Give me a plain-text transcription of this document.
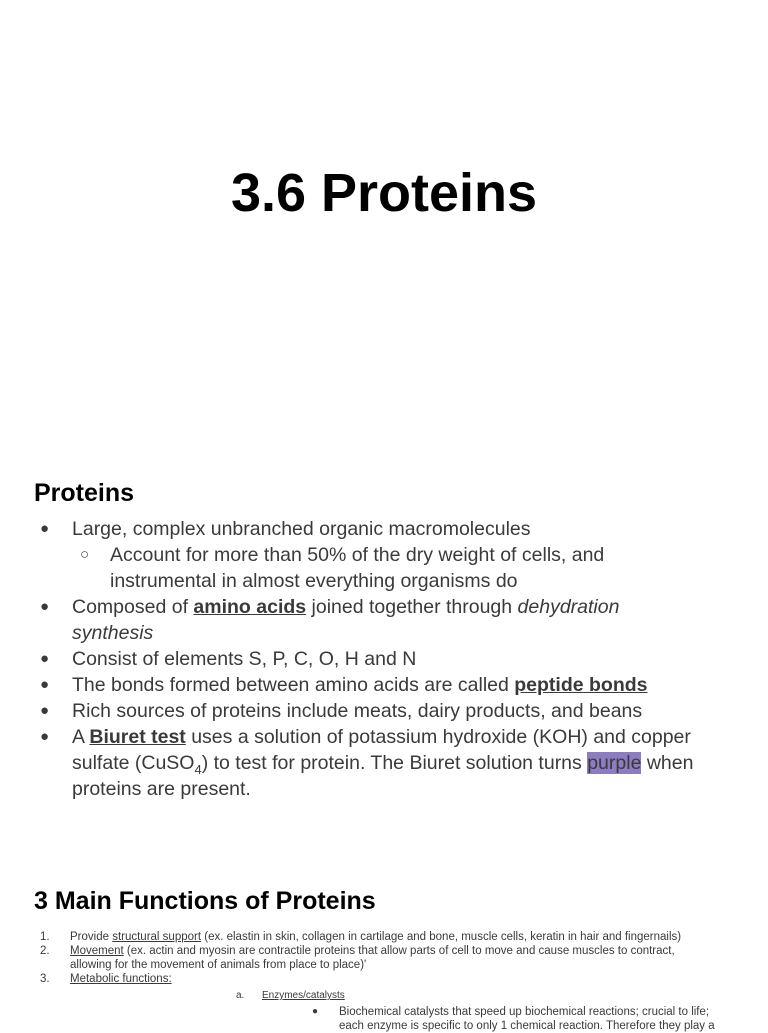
3.6 Proteins
Proteins
● Large, complex unbranched organic macromolecules
○ Account for more than 50% of the dry weight of cells, and
instrumental in almost everything organisms do
● Composed of amino acids joined together through dehydration
synthesis
● Consist of elements S, P, C, O, H and N
● The bonds formed between amino acids are called peptide bonds
● Rich sources of proteins include meats, dairy products, and beans
● A Biuret test uses a solution of potassium hydroxide (KOH) and copper
sulfate (CuSO$_4$) to test for protein. The Biuret solution turns purple when
proteins are present.
3 Main Functions of Proteins
1. Provide structural support (ex. elastin in skin, collagen in cartilage and bone, muscle cells, keratin in hair and fingernails)
2. Movement (ex. actin and myosin are contractile proteins that allow parts of cell to move and cause muscles to contract,
allowing for the movement of animals from place to place)'
3. Metabolic functions:
a. Enzymes/catalysts
● Biochemical catalysts that speed up biochemical reactions; crucial to life;
each enzyme is specific to only 1 chemical reaction. Therefore they play a
